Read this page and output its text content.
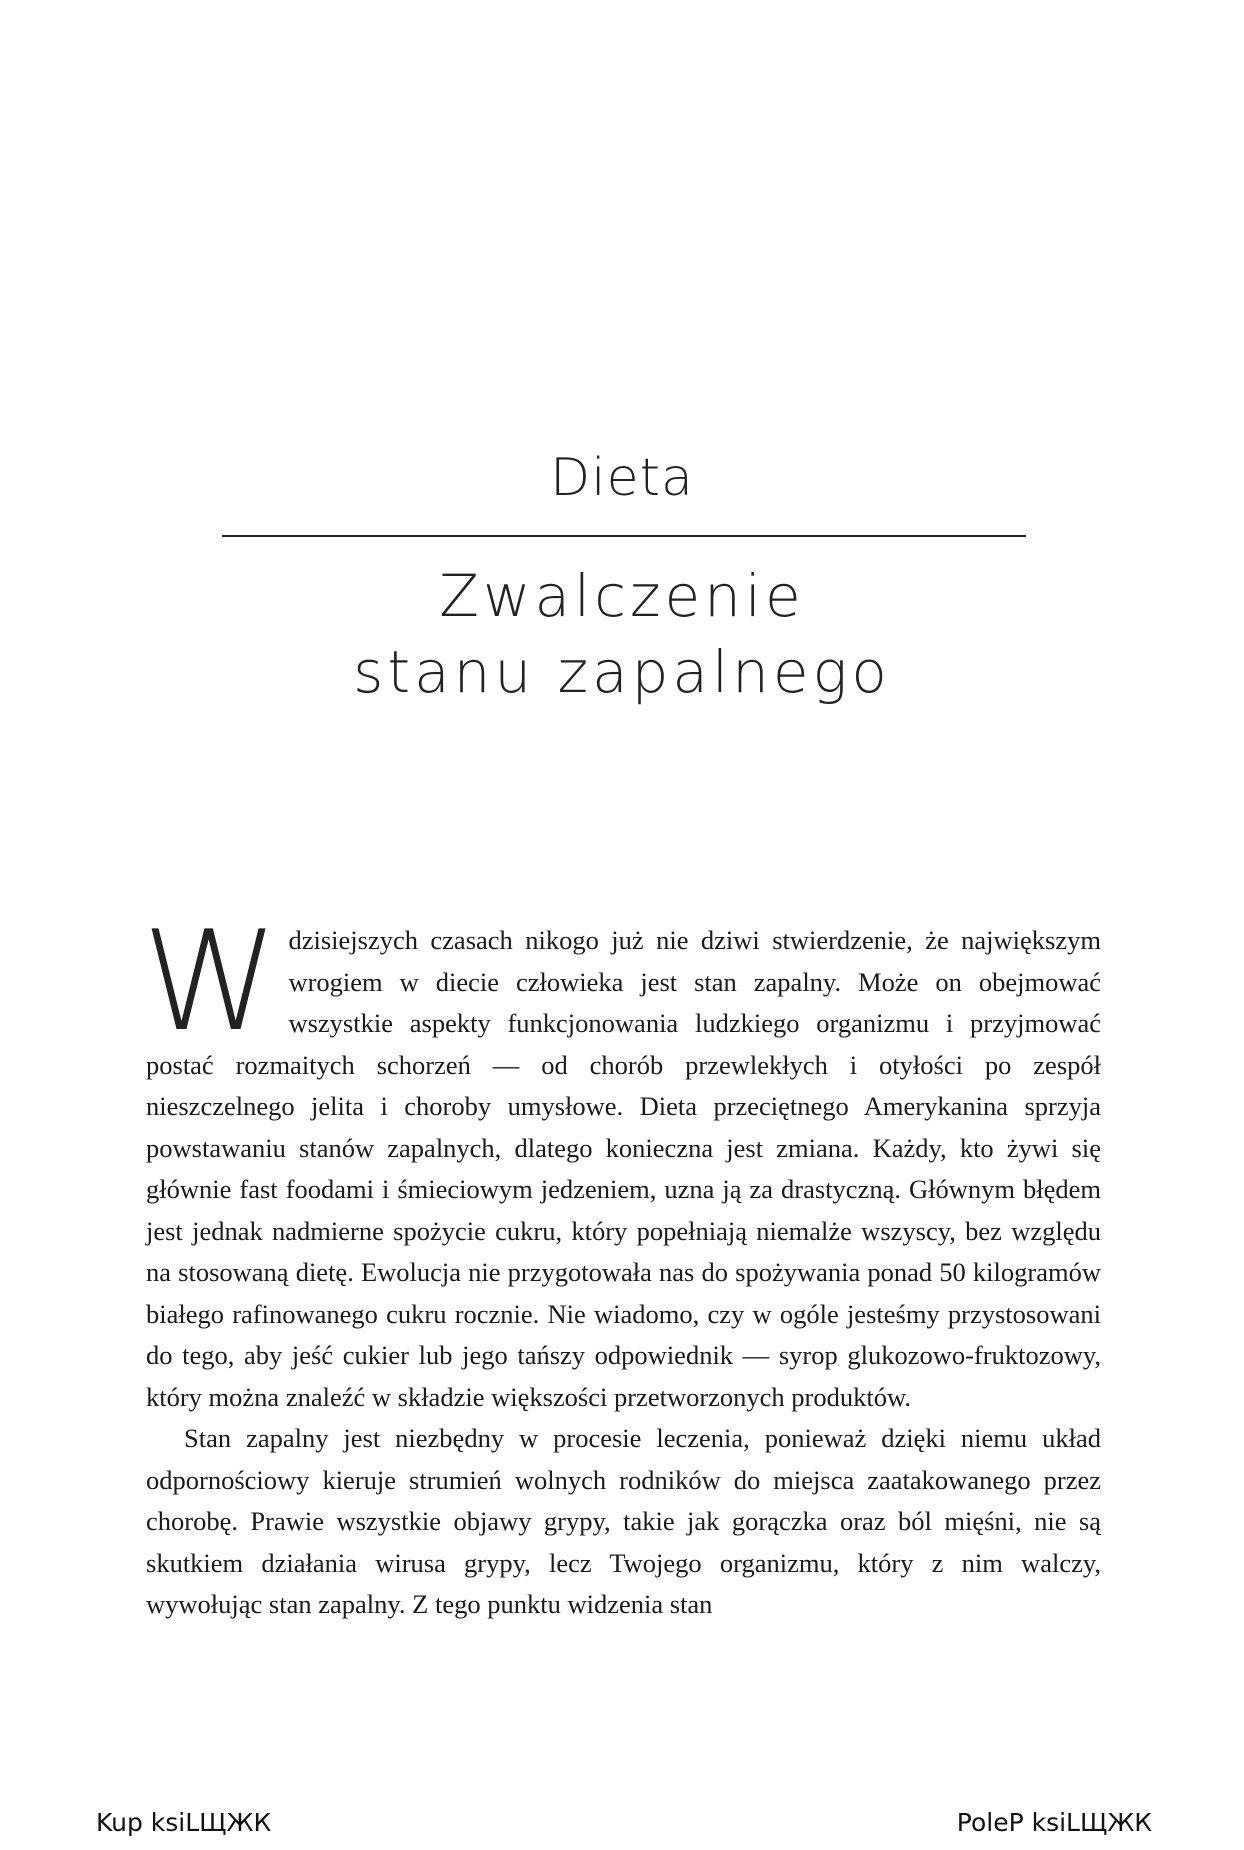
Dieta
Zwalczenie
stanu zapalnego

Wdzisiejszych czasach nikogo już nie dziwi stwierdzenie, że największym wrogiem w diecie człowieka jest stan zapalny. Może on obejmować wszystkie aspekty funkcjonowania ludzkiego organizmu i przyjmować postać rozmaitych schorzeń — od chorób przewlekłych i otyłości po zespół nieszczelnego jelita i choroby umysłowe. Dieta przeciętnego Amerykanina sprzyja powstawaniu stanów zapalnych, dlatego konieczna jest zmiana. Każdy, kto żywi się głównie fast foodami i śmieciowym jedzeniem, uzna ją za drastyczną. Głównym błędem jest jednak nadmierne spożycie cukru, który popełniają niemalże wszyscy, bez względu na stosowaną dietę. Ewolucja nie przygotowała nas do spożywania ponad 50 kilogramów białego rafinowanego cukru rocznie. Nie wiadomo, czy w ogóle jesteśmy przystosowani do tego, aby jeść cukier lub jego tańszy odpowiednik — syrop glukozowo-fruktozowy, który można znaleźć w składzie większości przetworzonych produktów.

Stan zapalny jest niezbędny w procesie leczenia, ponieważ dzięki niemu układ odpornościowy kieruje strumień wolnych rodników do miejsca zaatakowanego przez chorobę. Prawie wszystkie objawy grypy, takie jak gorączka oraz ból mięśni, nie są skutkiem działania wirusa grypy, lecz Twojego organizmu, który z nim walczy, wywołując stan zapalny. Z tego punktu widzenia stan

Kup ksiLЩЖК	PoleP ksiLЩЖК
